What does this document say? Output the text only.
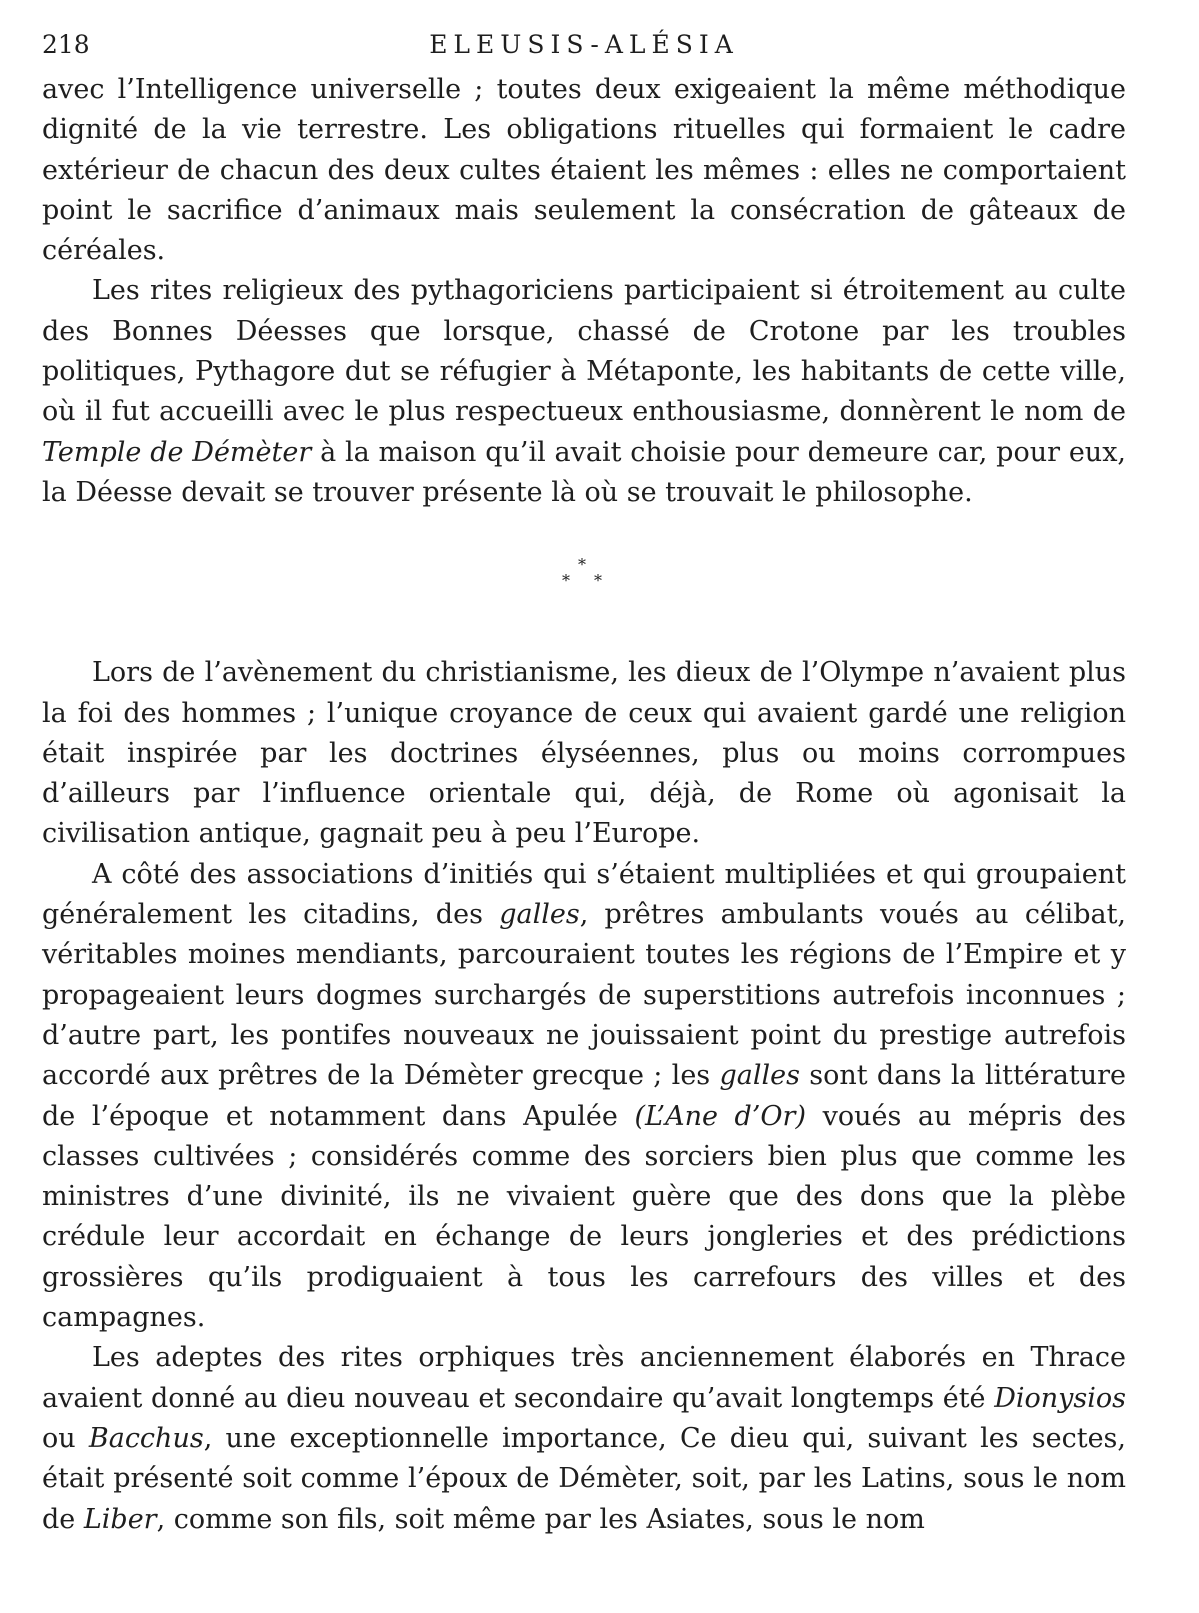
218	ELEUSIS-ALÉSIA

avec l’Intelligence universelle ; toutes deux exigeaient la même méthodique dignité de la vie terrestre. Les obligations rituelles qui formaient le cadre extérieur de chacun des deux cultes étaient les mêmes : elles ne comportaient point le sacrifice d’animaux mais seulement la consécration de gâteaux de céréales.

Les rites religieux des pythagoriciens participaient si étroitement au culte des Bonnes Déesses que lorsque, chassé de Crotone par les troubles politiques, Pythagore dut se réfugier à Métaponte, les habitants de cette ville, où il fut accueilli avec le plus respectueux enthousiasme, donnèrent le nom de Temple de Démèter à la maison qu’il avait choisie pour demeure car, pour eux, la Déesse devait se trouver présente là où se trouvait le philosophe.

*
* *

Lors de l’avènement du christianisme, les dieux de l’Olympe n’avaient plus la foi des hommes ; l’unique croyance de ceux qui avaient gardé une religion était inspirée par les doctrines élyséennes, plus ou moins corrompues d’ailleurs par l’influence orientale qui, déjà, de Rome où agonisait la civilisation antique, gagnait peu à peu l’Europe.

A côté des associations d’initiés qui s’étaient multipliées et qui groupaient généralement les citadins, des galles, prêtres ambulants voués au célibat, véritables moines mendiants, parcouraient toutes les régions de l’Empire et y propageaient leurs dogmes surchargés de superstitions autrefois inconnues ; d’autre part, les pontifes nouveaux ne jouissaient point du prestige autrefois accordé aux prêtres de la Démèter grecque ; les galles sont dans la littérature de l’époque et notamment dans Apulée (L’Ane d’Or) voués au mépris des classes cultivées ; considérés comme des sorciers bien plus que comme les ministres d’une divinité, ils ne vivaient guère que des dons que la plèbe crédule leur accordait en échange de leurs jongleries et des prédictions grossières qu’ils prodiguaient à tous les carrefours des villes et des campagnes.

Les adeptes des rites orphiques très anciennement élaborés en Thrace avaient donné au dieu nouveau et secondaire qu’avait longtemps été Dionysios ou Bacchus, une exceptionnelle importance, Ce dieu qui, suivant les sectes, était présenté soit comme l’époux de Démèter, soit, par les Latins, sous le nom de Liber, comme son fils, soit même par les Asiates, sous le nom
